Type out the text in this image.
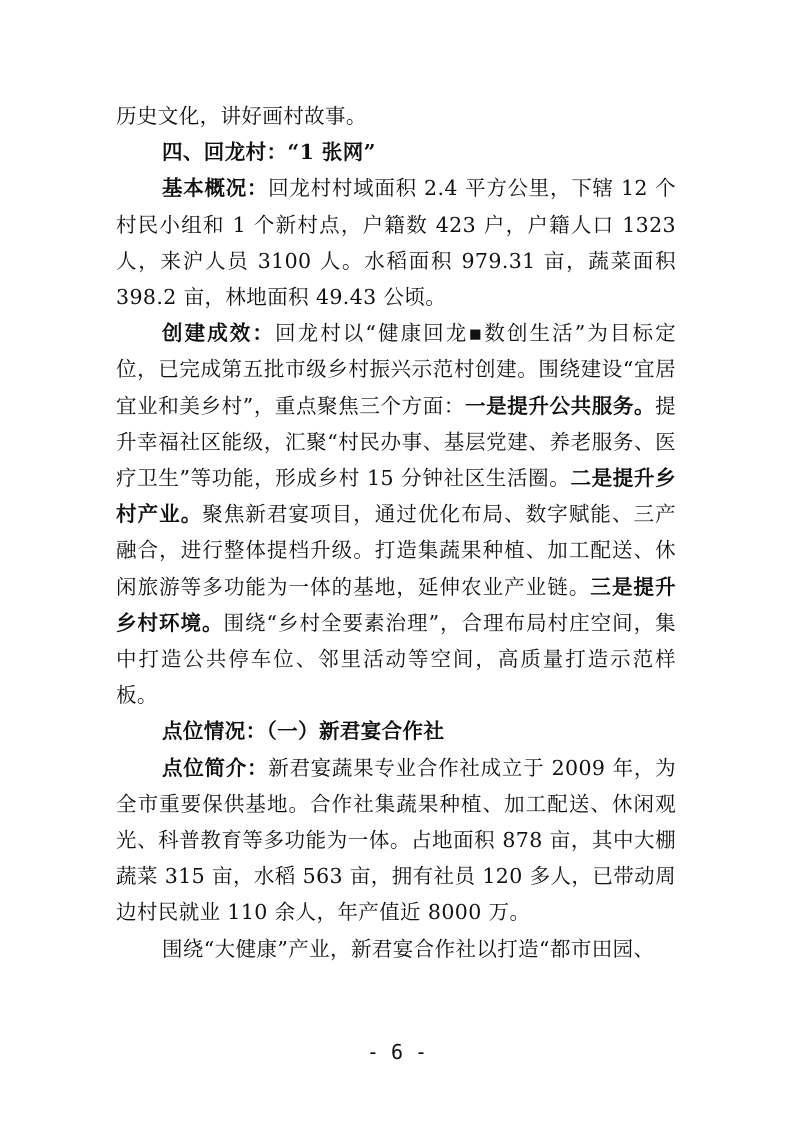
历史文化，讲好画村故事。

四、回龙村：“1 张网”

基本概况：回龙村村域面积 2.4 平方公里，下辖 12 个村民小组和 1 个新村点，户籍数 423 户，户籍人口 1323 人，来沪人员 3100 人。水稻面积 979.31 亩，蔬菜面积 398.2 亩，林地面积 49.43 公顷。

创建成效：回龙村以“健康回龙▪数创生活”为目标定位，已完成第五批市级乡村振兴示范村创建。围绕建设“宜居宜业和美乡村”，重点聚焦三个方面：一是提升公共服务。提升幸福社区能级，汇聚“村民办事、基层党建、养老服务、医疗卫生”等功能，形成乡村 15 分钟社区生活圈。二是提升乡村产业。聚焦新君宴项目，通过优化布局、数字赋能、三产融合，进行整体提档升级。打造集蔬果种植、加工配送、休闲旅游等多功能为一体的基地，延伸农业产业链。三是提升乡村环境。围绕“乡村全要素治理”，合理布局村庄空间，集中打造公共停车位、邻里活动等空间，高质量打造示范样板。

点位情况：（一）新君宴合作社

点位简介：新君宴蔬果专业合作社成立于 2009 年，为全市重要保供基地。合作社集蔬果种植、加工配送、休闲观光、科普教育等多功能为一体。占地面积 878 亩，其中大棚蔬菜 315 亩，水稻 563 亩，拥有社员 120 多人，已带动周边村民就业 110 余人，年产值近 8000 万。

围绕“大健康”产业，新君宴合作社以打造“都市田园、

- 6 -
